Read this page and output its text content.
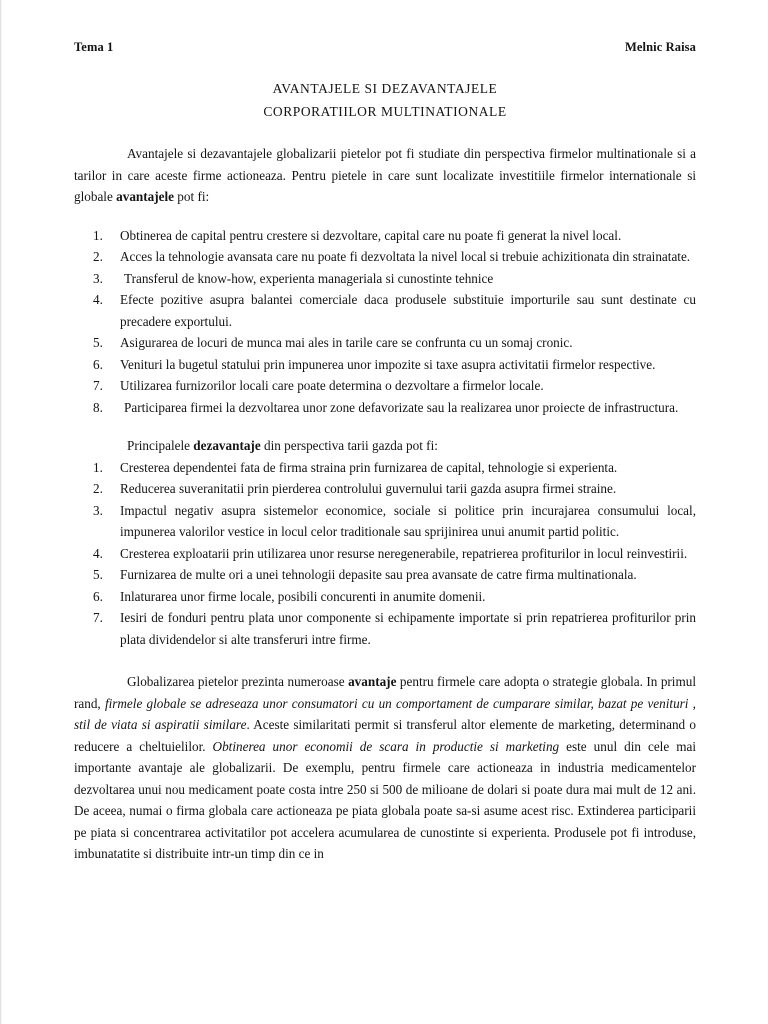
Tema 1	Melnic Raisa
AVANTAJELE SI DEZAVANTAJELE
CORPORATIILOR MULTINATIONALE

Avantajele si dezavantajele globalizarii pietelor pot fi studiate din perspectiva firmelor multinationale si a tarilor in care aceste firme actioneaza. Pentru pietele in care sunt localizate investitiile firmelor internationale si globale avantajele pot fi:

1.	Obtinerea de capital pentru crestere si dezvoltare, capital care nu poate fi generat la nivel local.
2.	Acces la tehnologie avansata care nu poate fi dezvoltata la nivel local si trebuie achizitionata din strainatate.
3.	Transferul de know-how, experienta manageriala si cunostinte tehnice
4.	Efecte pozitive asupra balantei comerciale daca produsele substituie importurile sau sunt destinate cu precadere exportului.
5.	Asigurarea de locuri de munca mai ales in tarile care se confrunta cu un somaj cronic.
6.	Venituri la bugetul statului prin impunerea unor impozite si taxe asupra activitatii firmelor respective.
7.	Utilizarea furnizorilor locali care poate determina o dezvoltare a firmelor locale.
8.	Participarea firmei la dezvoltarea unor zone defavorizate sau la realizarea unor proiecte de infrastructura.

Principalele dezavantaje din perspectiva tarii gazda pot fi:

1.	Cresterea dependentei fata de firma straina prin furnizarea de capital, tehnologie si experienta.
2.	Reducerea suveranitatii prin pierderea controlului guvernului tarii gazda asupra firmei straine.
3.	Impactul negativ asupra sistemelor economice, sociale si politice prin incurajarea consumului local, impunerea valorilor vestice in locul celor traditionale sau sprijinirea unui anumit partid politic.
4.	Cresterea exploatarii prin utilizarea unor resurse neregenerabile, repatrierea profiturilor in locul reinvestirii.
5.	Furnizarea de multe ori a unei tehnologii depasite sau prea avansate de catre firma multinationala.
6.	Inlaturarea unor firme locale, posibili concurenti in anumite domenii.
7.	Iesiri de fonduri pentru plata unor componente si echipamente importate si prin repatrierea profiturilor prin plata dividendelor si alte transferuri intre firme.

Globalizarea pietelor prezinta numeroase avantaje pentru firmele care adopta o strategie globala. In primul rand, firmele globale se adreseaza unor consumatori cu un comportament de cumparare similar, bazat pe venituri , stil de viata si aspiratii similare. Aceste similaritati permit si transferul altor elemente de marketing, determinand o reducere a cheltuielilor. Obtinerea unor economii de scara in productie si marketing este unul din cele mai importante avantaje ale globalizarii. De exemplu, pentru firmele care actioneaza in industria medicamentelor dezvoltarea unui nou medicament poate costa intre 250 si 500 de milioane de dolari si poate dura mai mult de 12 ani. De aceea, numai o firma globala care actioneaza pe piata globala poate sa-si asume acest risc. Extinderea participarii pe piata si concentrarea activitatilor pot accelera acumularea de cunostinte si experienta. Produsele pot fi introduse, imbunatatite si distribuite intr-un timp din ce in
